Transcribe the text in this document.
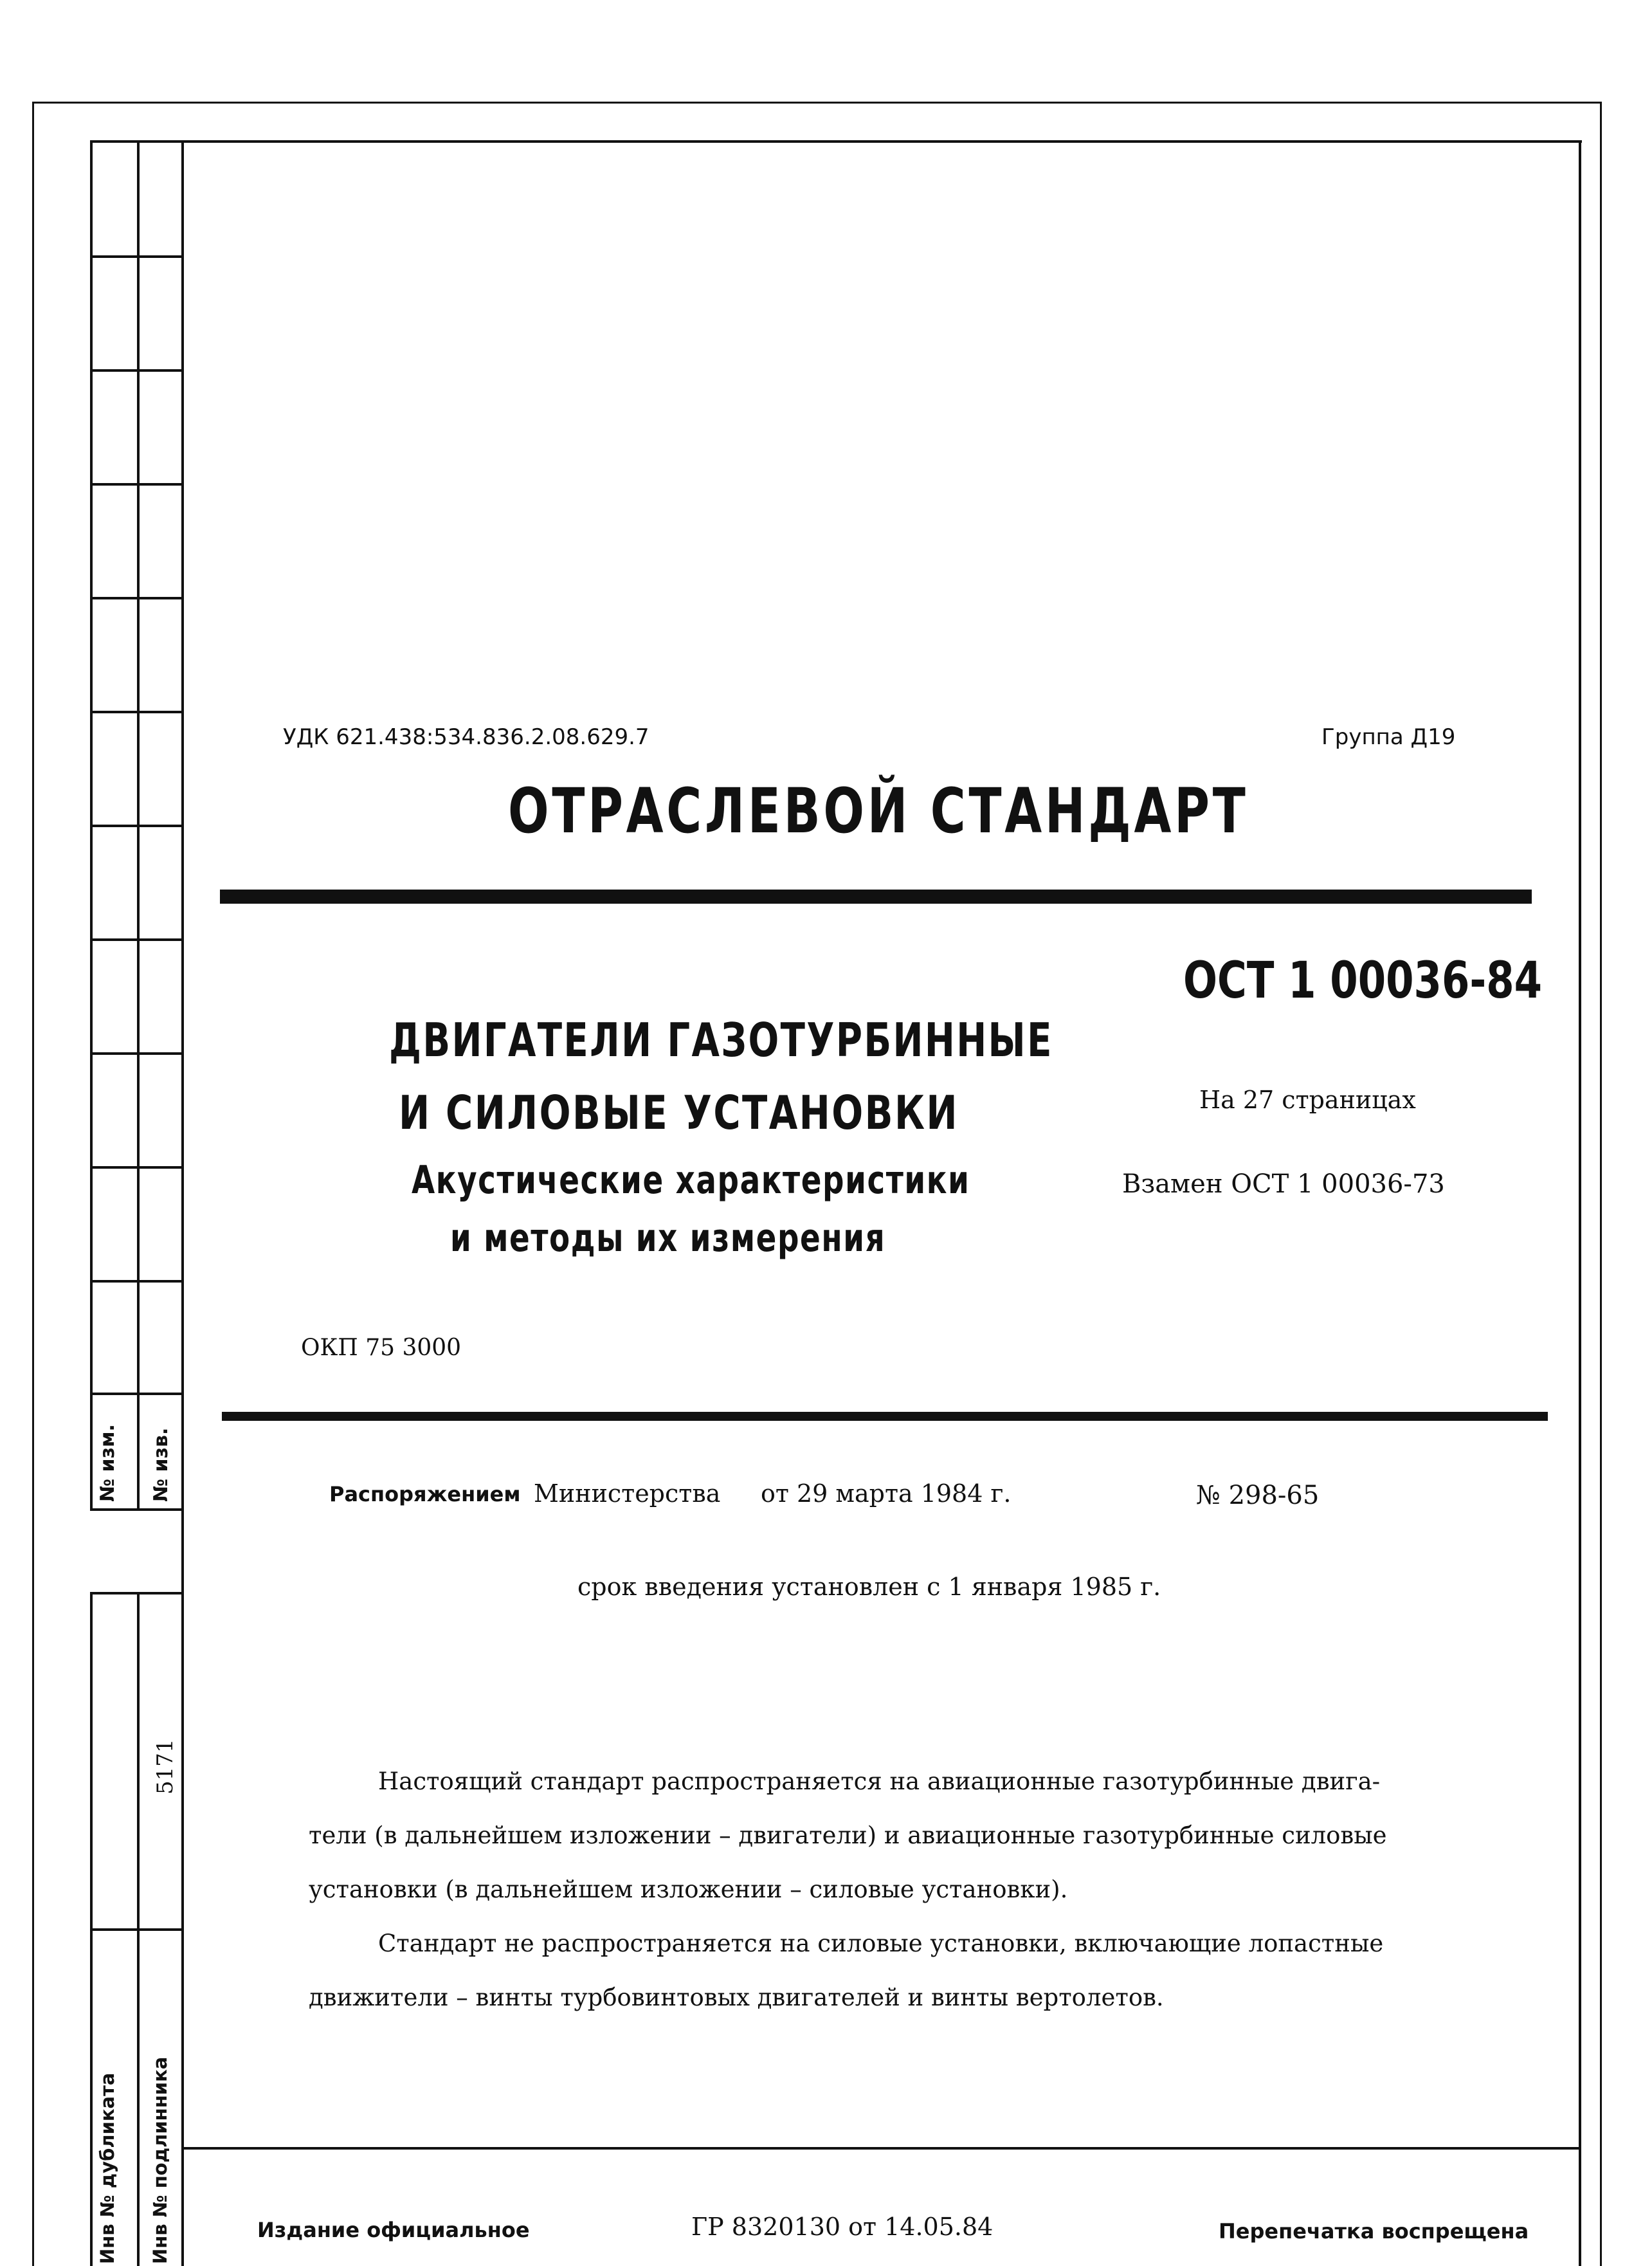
№ изм. № изв.
5171
Инв № дубликата Инв № подлинника
УДК 621.438:534.836.2.08.629.7	Группа Д19
ОТРАСЛЕВОЙ СТАНДАРТ
ОСТ 1 00036-84
ДВИГАТЕЛИ ГАЗОТУРБИННЫЕ
И СИЛОВЫЕ УСТАНОВКИ
Акустические характеристики
и методы их измерения
На 27 страницах
Взамен ОСТ 1 00036-73
ОКП 75 3000
Распоряжением Министерства от 29 марта 1984 г.	№ 298-65
срок введения установлен с 1 января 1985 г.
Настоящий стандарт распространяется на авиационные газотурбинные двига-
тели (в дальнейшем изложении – двигатели) и авиационные газотурбинные силовые
установки (в дальнейшем изложении – силовые установки).
Стандарт не распространяется на силовые установки, включающие лопастные
движители – винты турбовинтовых двигателей и винты вертолетов.
Издание официальное	ГР 8320130 от 14.05.84	Перепечатка воспрещена
